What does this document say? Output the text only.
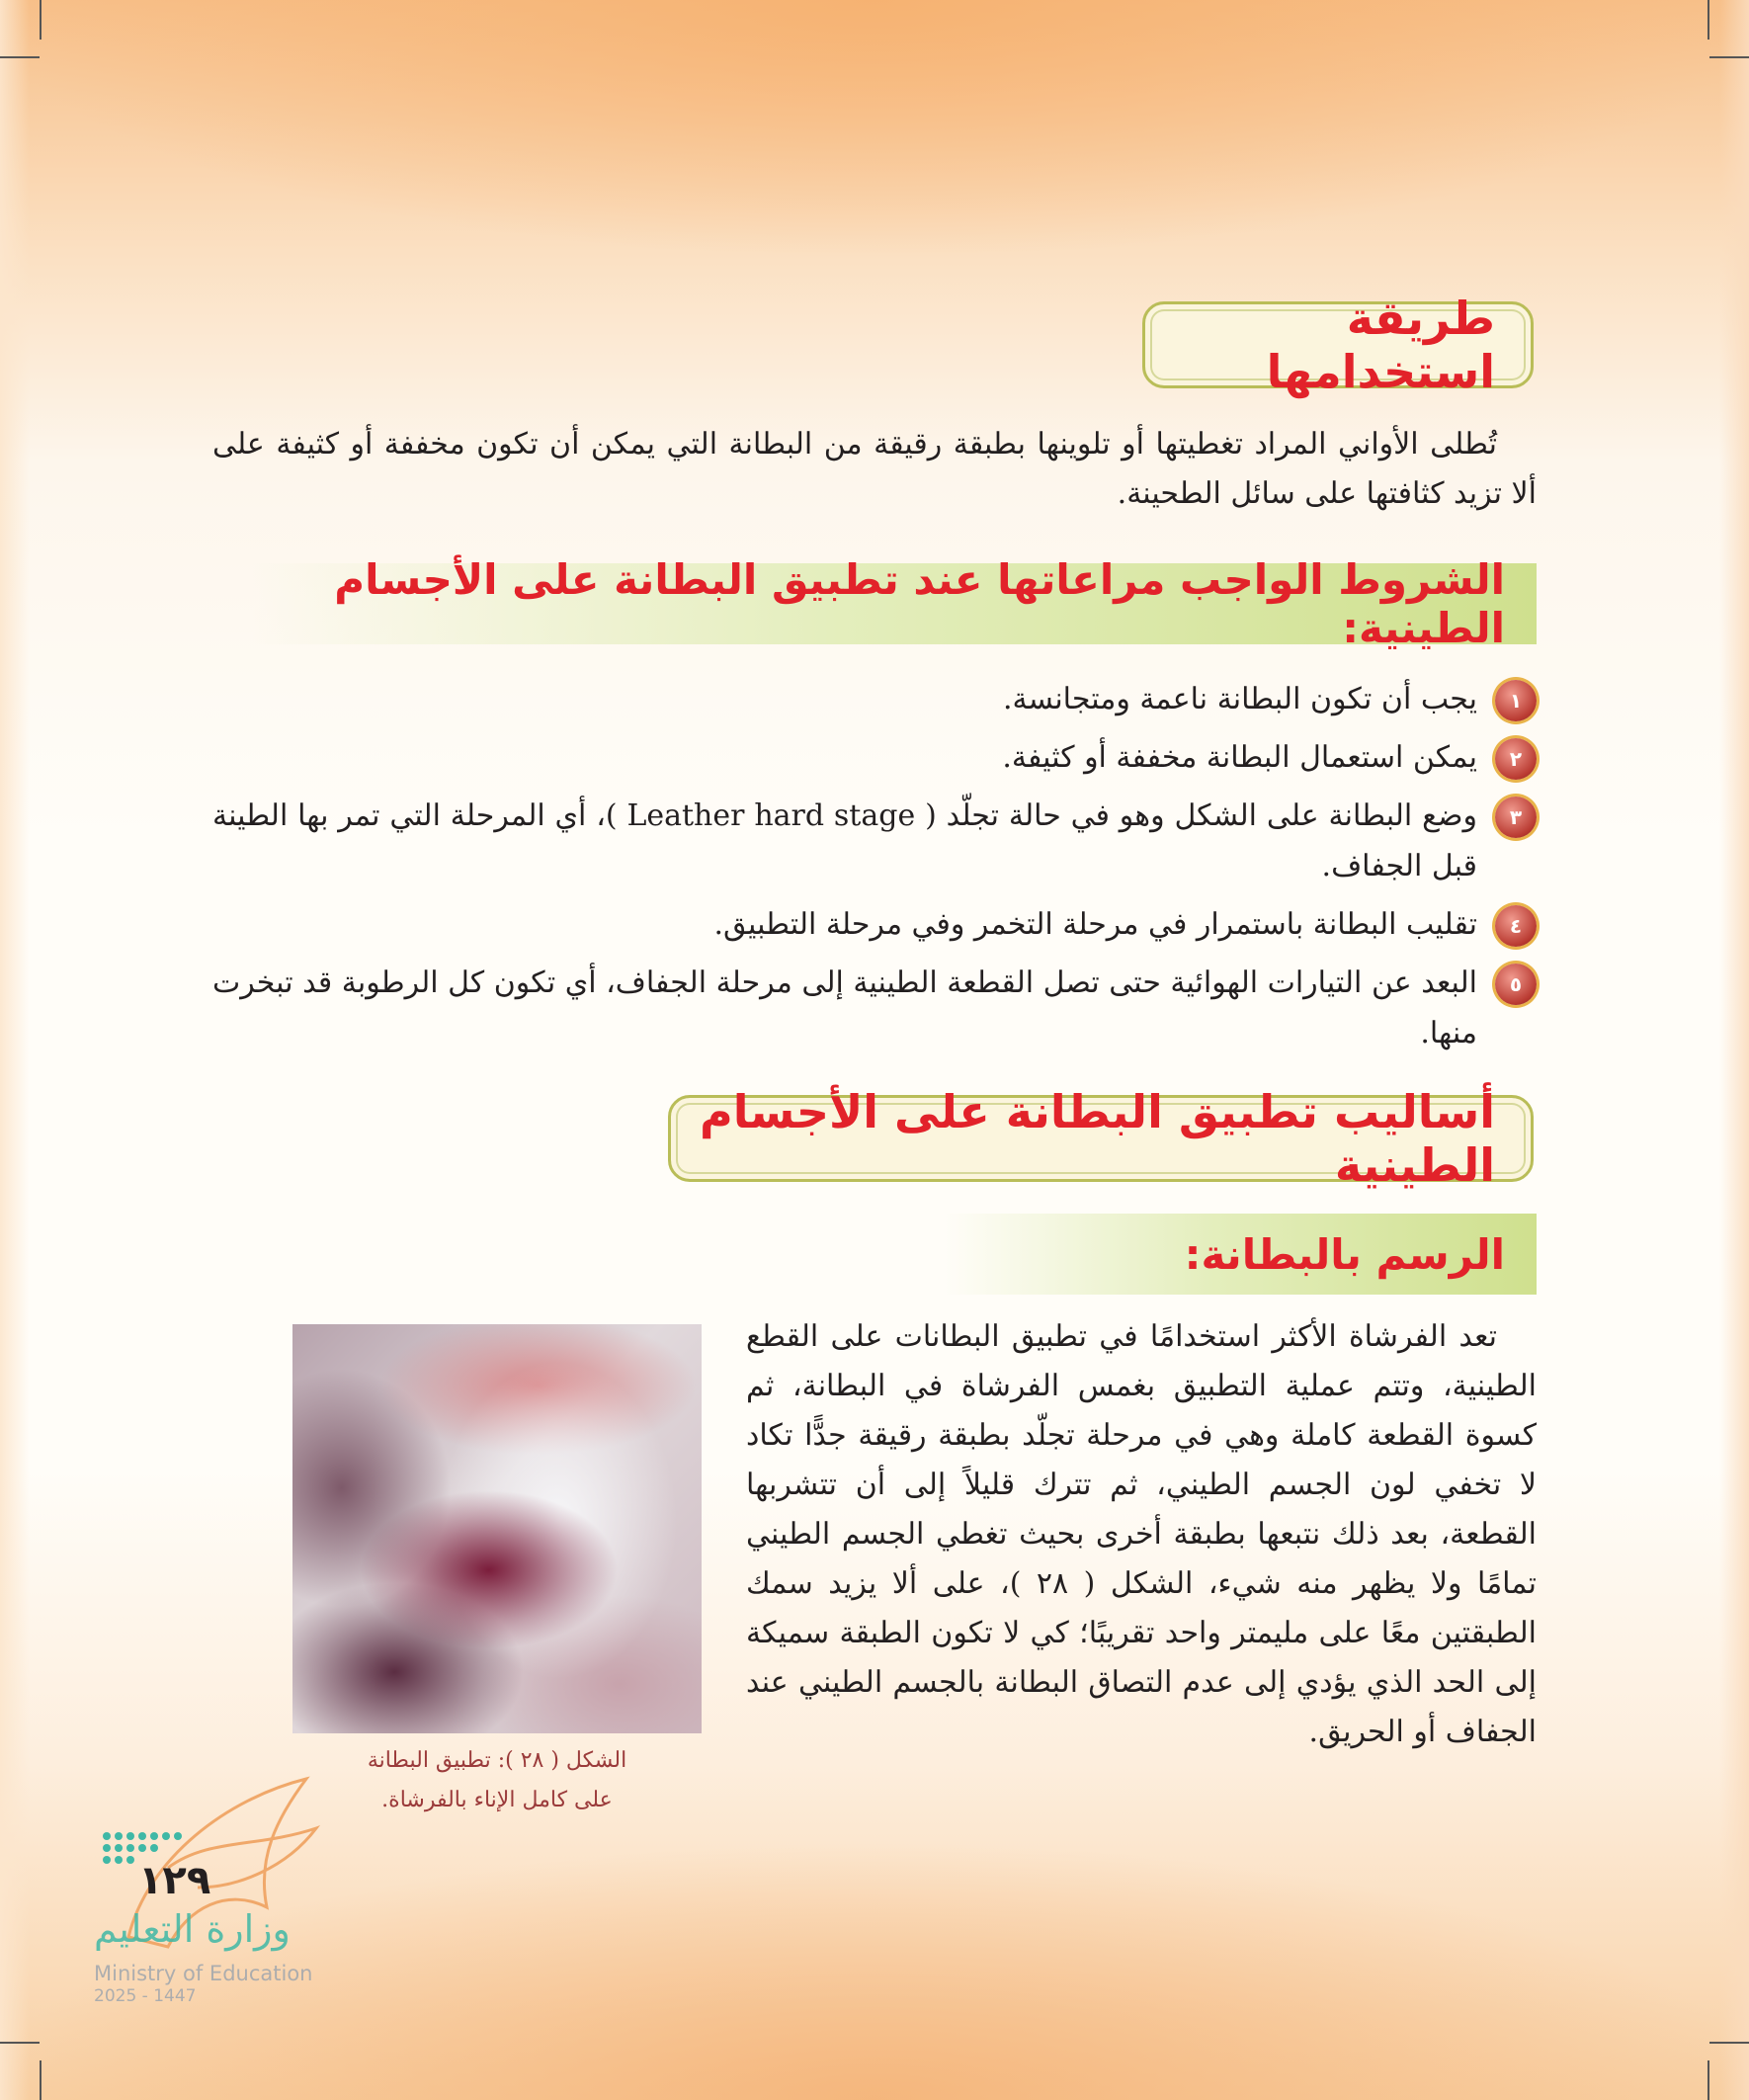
طريقة استخدامها

تُطلى الأواني المراد تغطيتها أو تلوينها بطبقة رقيقة من البطانة التي يمكن أن تكون مخففة أو كثيفة على ألا تزيد كثافتها على سائل الطحينة.

الشروط الواجب مراعاتها عند تطبيق البطانة على الأجسام الطينية:
١
يجب أن تكون البطانة ناعمة ومتجانسة.
٢
يمكن استعمال البطانة مخففة أو كثيفة.
٣
وضع البطانة على الشكل وهو في حالة تجلّد ( Leather hard stage )، أي المرحلة التي تمر بها الطينة قبل الجفاف.
٤
تقليب البطانة باستمرار في مرحلة التخمر وفي مرحلة التطبيق.
٥
البعد عن التيارات الهوائية حتى تصل القطعة الطينية إلى مرحلة الجفاف، أي تكون كل الرطوبة قد تبخرت منها.
أساليب تطبيق البطانة على الأجسام الطينية
الرسم بالبطانة:

تعد الفرشاة الأكثر استخدامًا في تطبيق البطانات على القطع الطينية، وتتم عملية التطبيق بغمس الفرشاة في البطانة، ثم كسوة القطعة كاملة وهي في مرحلة تجلّد بطبقة رقيقة جدًّا تكاد لا تخفي لون الجسم الطيني، ثم تترك قليلاً إلى أن تتشربها القطعة، بعد ذلك نتبعها بطبقة أخرى بحيث تغطي الجسم الطيني تمامًا ولا يظهر منه شيء، الشكل ( ٢٨ )، على ألا يزيد سمك الطبقتين معًا على مليمتر واحد تقريبًا؛ كي لا تكون الطبقة سميكة إلى الحد الذي يؤدي إلى عدم التصاق البطانة بالجسم الطيني عند الجفاف أو الحريق.

الشكل ( ٢٨ ): تطبيق البطانة
على كامل الإناء بالفرشاة.
١٢٩
وزارة التعليم
Ministry of Education
2025 - 1447
